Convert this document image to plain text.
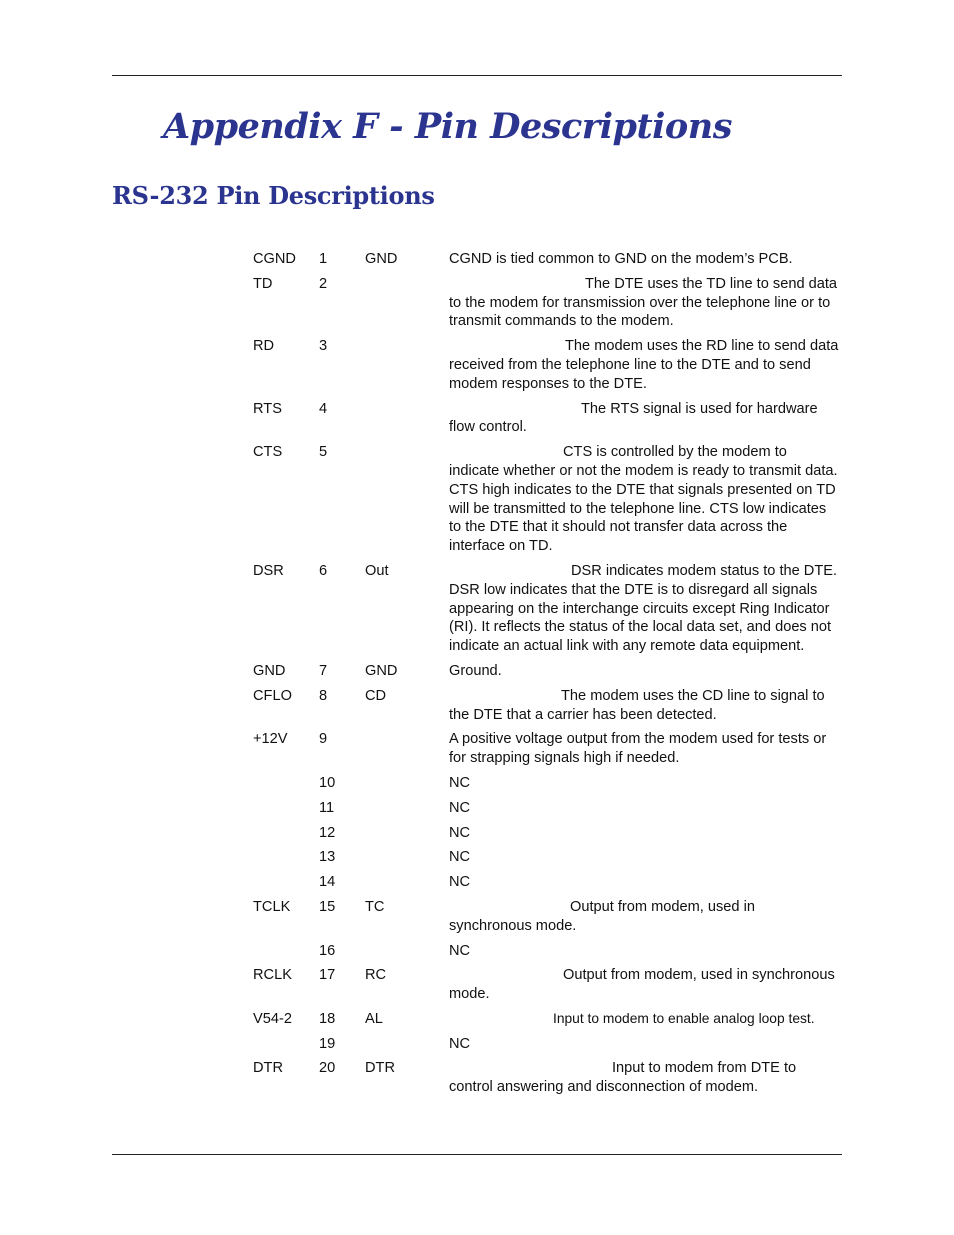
Appendix F - Pin Descriptions
RS-232 Pin Descriptions
CGND 1	GND	CGND is tied common to GND on the modem’s PCB.
TD	2	The DTE uses the TD line to send data to the modem for transmission over the telephone line or to transmit commands to the modem.
RD	3	The modem uses the RD line to send data received from the telephone line to the DTE and to send modem responses to the DTE.
RTS	4	The RTS signal is used for hardware flow control.
CTS	5	CTS is controlled by the modem to indicate whether or not the modem is ready to transmit data. CTS high indicates to the DTE that signals presented on TD will be transmitted to the telephone line. CTS low indicates to the DTE that it should not transfer data across the interface on TD.
DSR 6	Out	DSR indicates modem status to the DTE. DSR low indicates that the DTE is to disregard all signals appearing on the interchange circuits except Ring Indicator (RI). It reflects the status of the local data set, and does not indicate an actual link with any remote data equipment.
GND 7	GND	Ground.
CFLO 8	CD	The modem uses the CD line to signal to the DTE that a carrier has been detected.
+12V 9	A positive voltage output from the modem used for tests or for strapping signals high if needed.
10	NC
11	NC
12	NC
13	NC
14	NC
TCLK 15 TC	Output from modem, used in synchronous mode.
16	NC
RCLK 17 RC	Output from modem, used in synchronous mode.
V54-2 18 AL	Input to modem to enable analog loop test.
19	NC
DTR 20 DTR	Input to modem from DTE to control answering and disconnection of modem.
